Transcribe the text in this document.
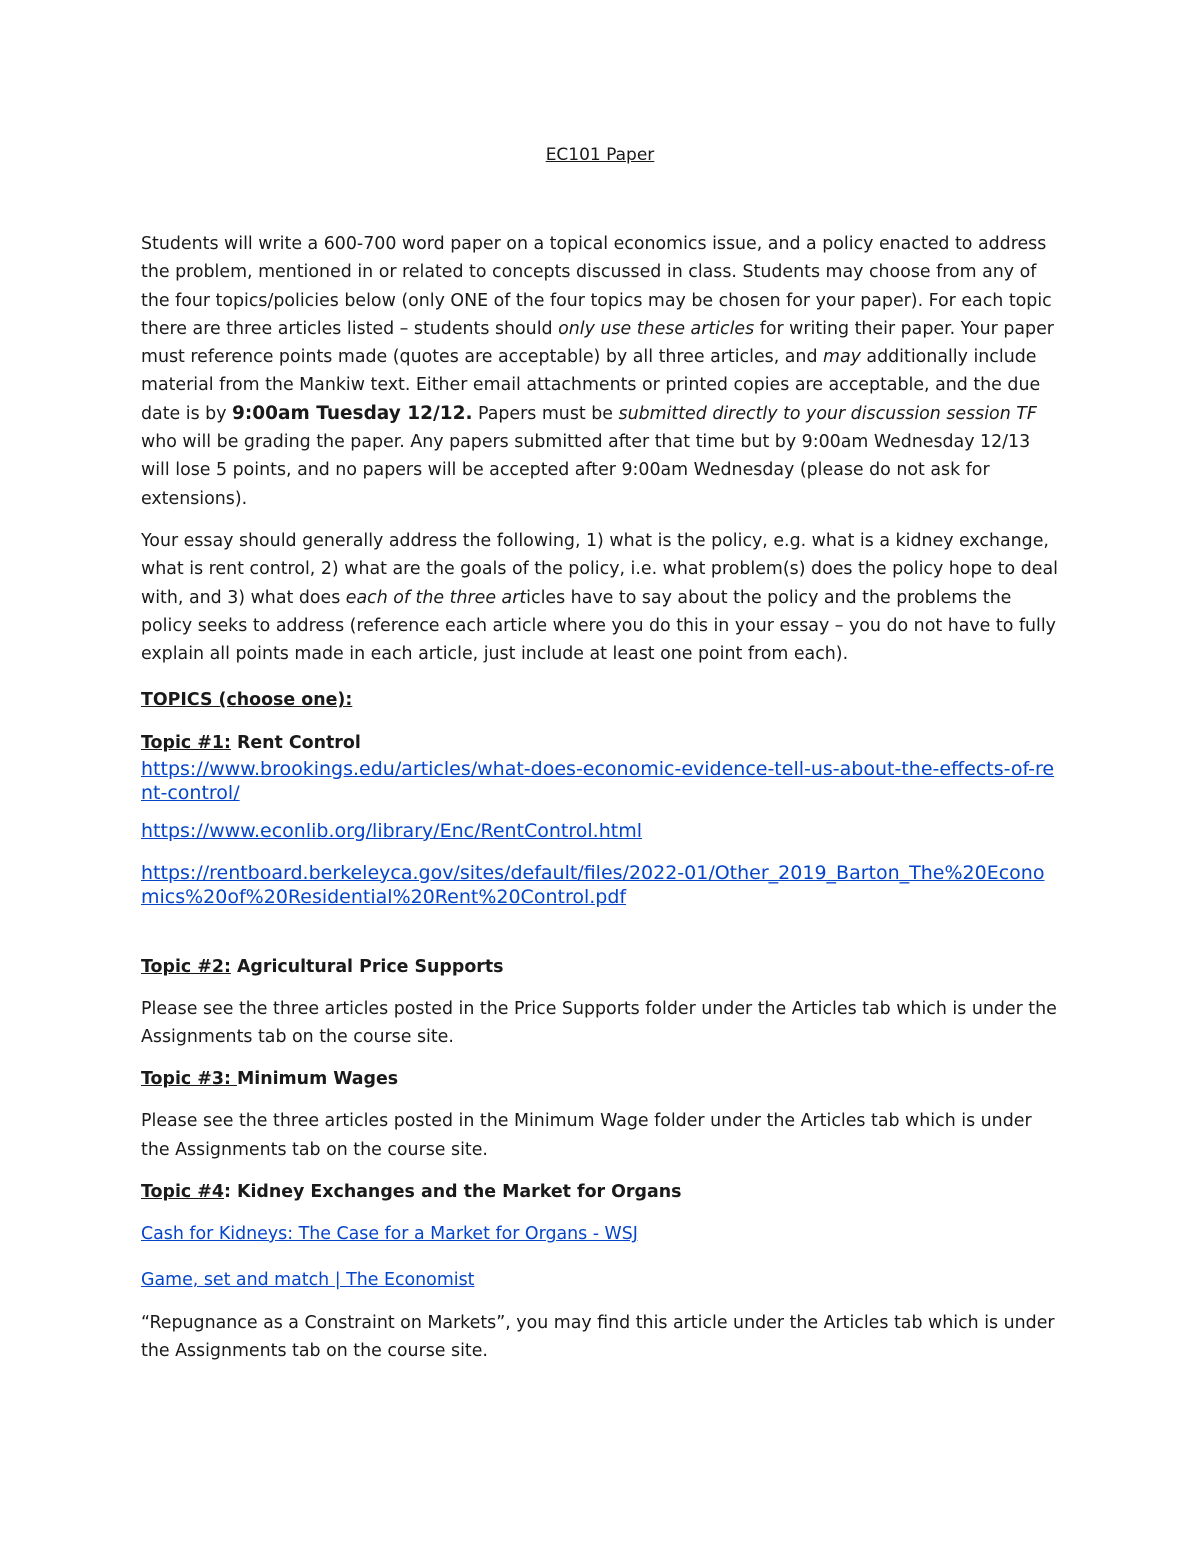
EC101 Paper

Students will write a 600-700 word paper on a topical economics issue, and a policy enacted to address the problem, mentioned in or related to concepts discussed in class. Students may choose from any of the four topics/policies below (only ONE of the four topics may be chosen for your paper). For each topic there are three articles listed – students should only use these articles for writing their paper. Your paper must reference points made (quotes are acceptable) by all three articles, and may additionally include material from the Mankiw text. Either email attachments or printed copies are acceptable, and the due date is by 9:00am Tuesday 12/12. Papers must be submitted directly to your discussion session TF who will be grading the paper. Any papers submitted after that time but by 9:00am Wednesday 12/13 will lose 5 points, and no papers will be accepted after 9:00am Wednesday (please do not ask for extensions).

Your essay should generally address the following, 1) what is the policy, e.g. what is a kidney exchange, what is rent control, 2) what are the goals of the policy, i.e. what problem(s) does the policy hope to deal with, and 3) what does each of the three articles have to say about the policy and the problems the policy seeks to address (reference each article where you do this in your essay – you do not have to fully explain all points made in each article, just include at least one point from each).

TOPICS (choose one):

Topic #1: Rent Control

https://www.brookings.edu/articles/what-does-economic-evidence-tell-us-about-the-effects-of-rent-control/
https://www.econlib.org/library/Enc/RentControl.html
https://rentboard.berkeleyca.gov/sites/default/files/2022-01/Other_2019_Barton_The%20Economics%20of%20Residential%20Rent%20Control.pdf

Topic #2: Agricultural Price Supports

Please see the three articles posted in the Price Supports folder under the Articles tab which is under the Assignments tab on the course site.

Topic #3: Minimum Wages

Please see the three articles posted in the Minimum Wage folder under the Articles tab which is under the Assignments tab on the course site.

Topic #4: Kidney Exchanges and the Market for Organs

Cash for Kidneys: The Case for a Market for Organs - WSJ

Game, set and match | The Economist

“Repugnance as a Constraint on Markets”, you may find this article under the Articles tab which is under the Assignments tab on the course site.
